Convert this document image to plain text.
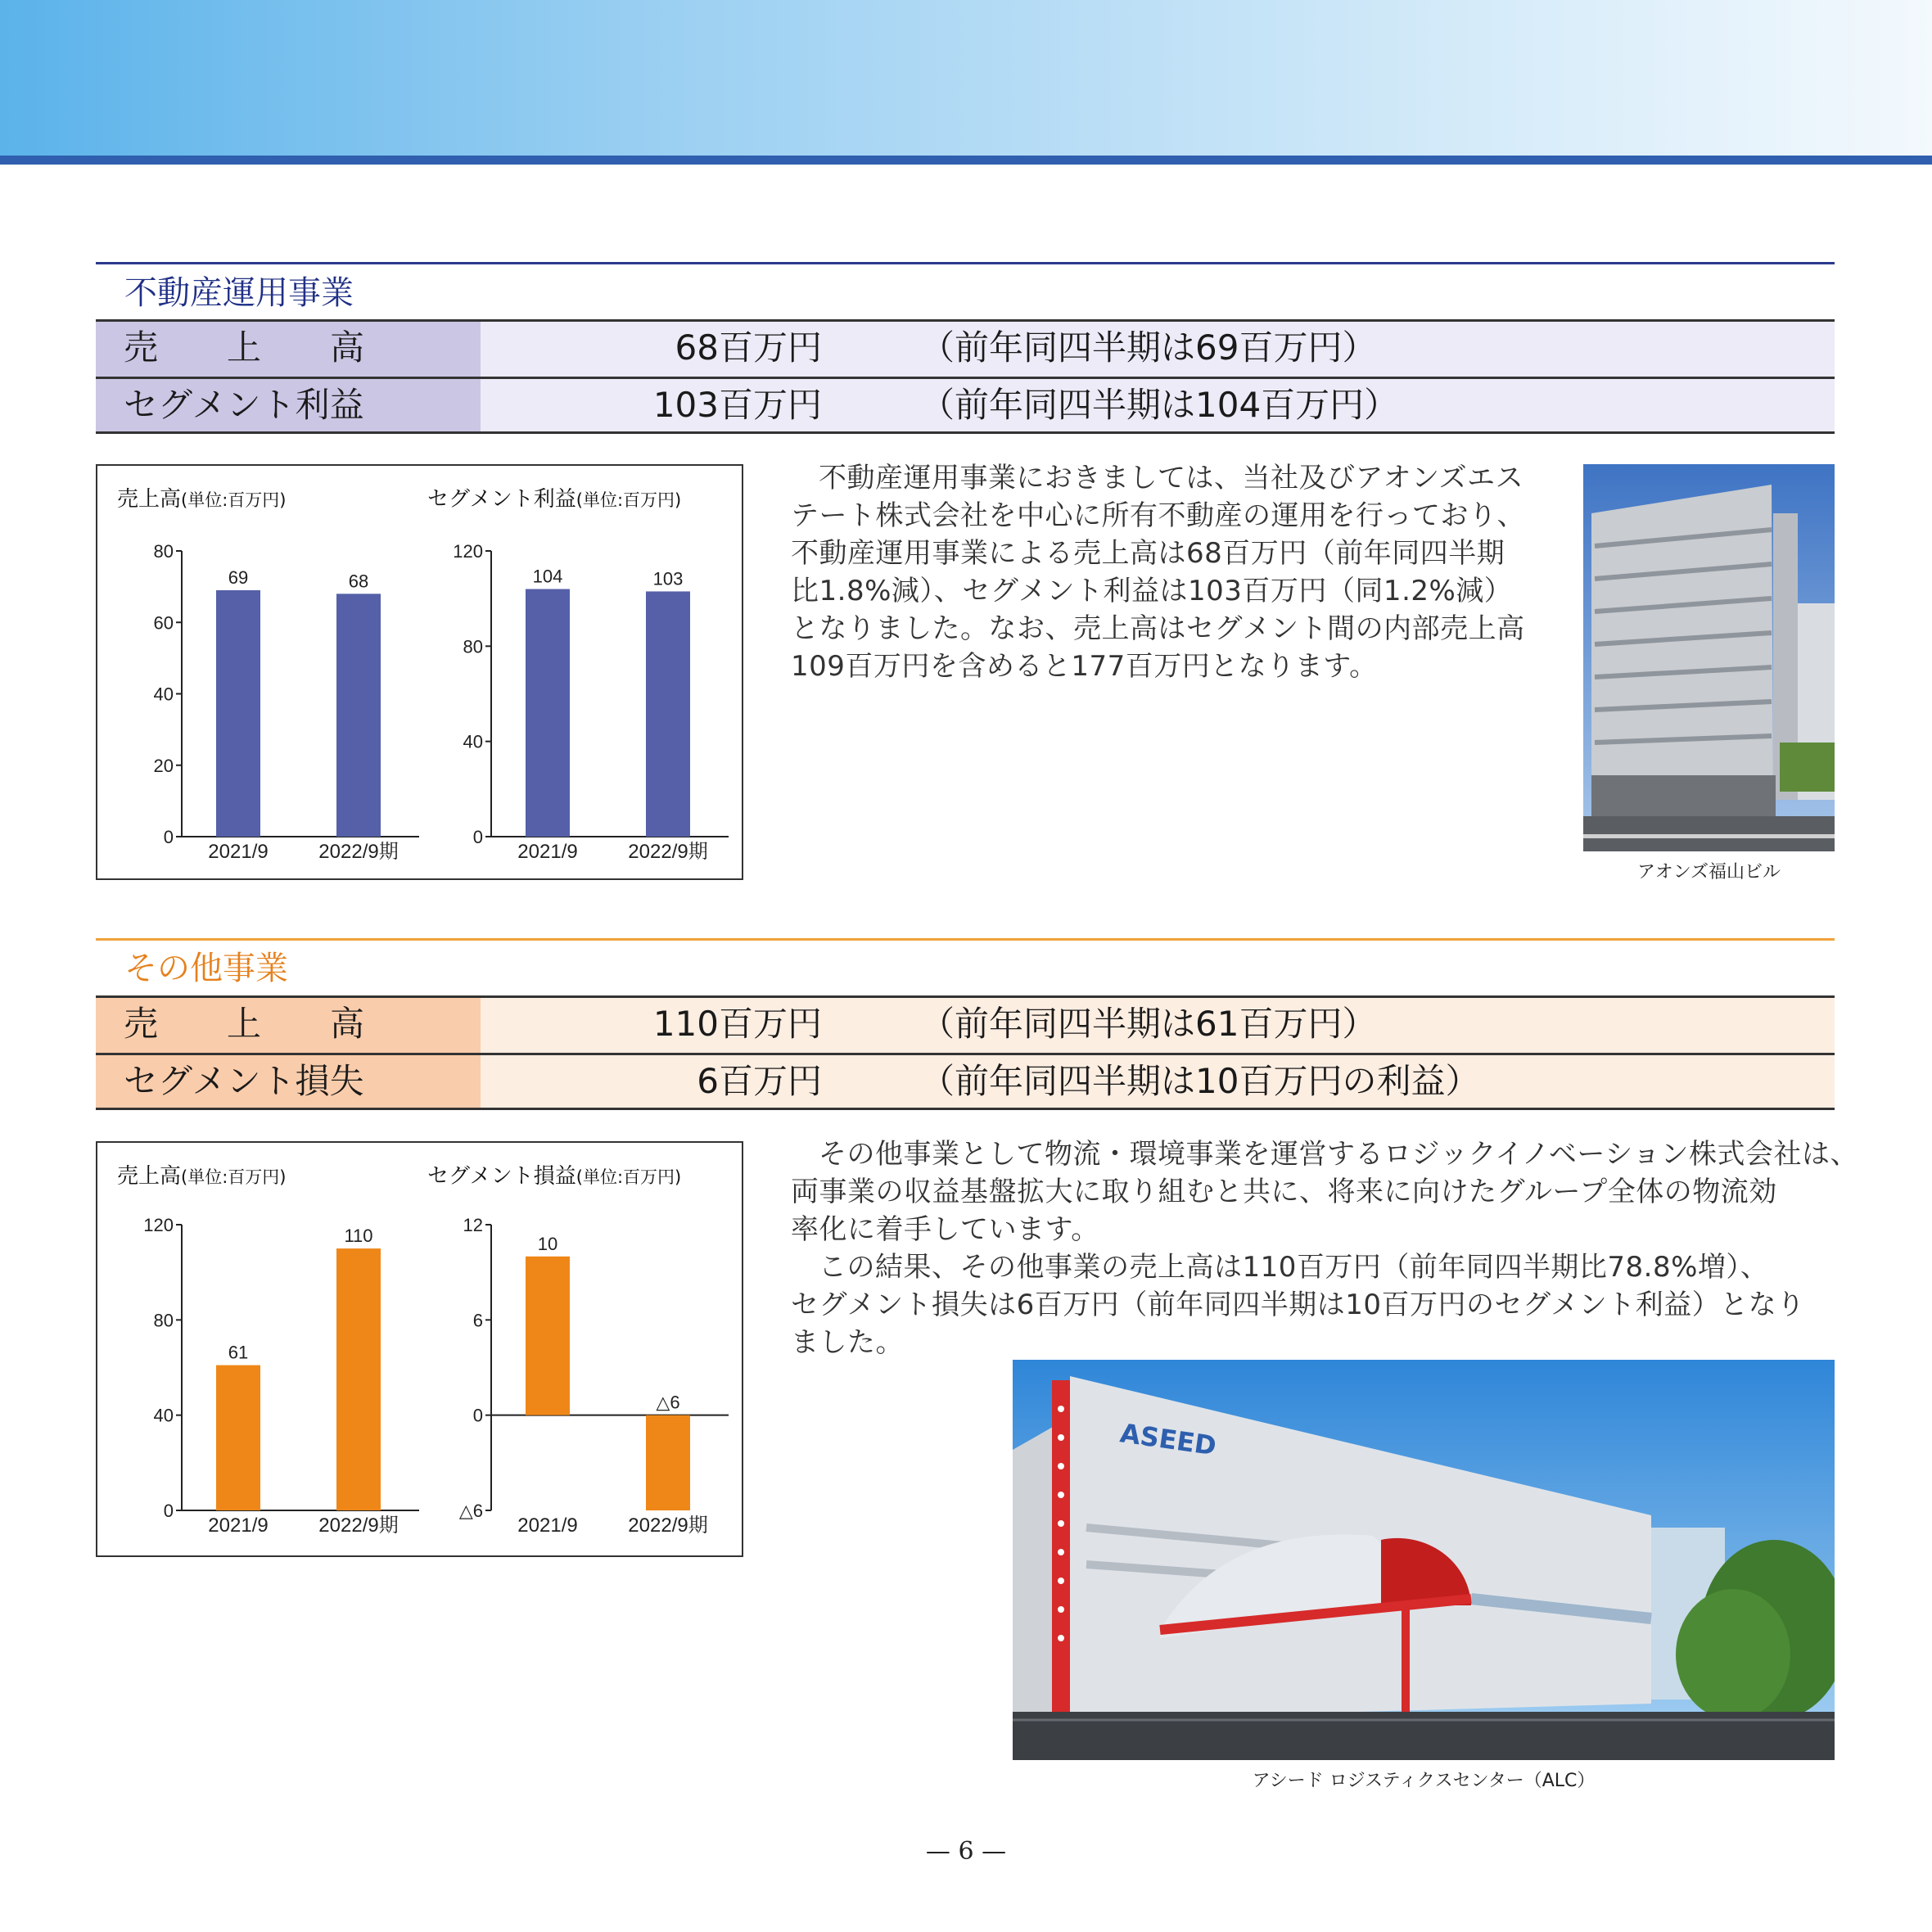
不動産運用事業
売　　上　　高	68百万円	（前年同四半期は69百万円）
セグメント利益	103百万円	（前年同四半期は104百万円）
売上高(単位:百万円)	セグメント利益(単位:百万円)
0
20
40
60
80
69
2021/9
68
2022/9期
0
40
80
120
104
2021/9
103
2022/9期

不動産運用事業におきましては、当社及びアオンズエス
テート株式会社を中心に所有不動産の運用を行っており、
不動産運用事業による売上高は68百万円（前年同四半期
比1.8%減）、セグメント利益は103百万円（同1.2%減）
となりました。なお、売上高はセグメント間の内部売上高
109百万円を含めると177百万円となります。

アオンズ福山ビル
その他事業
売　　上　　高	110百万円	（前年同四半期は61百万円）
セグメント損失	6百万円	（前年同四半期は10百万円の利益）
売上高(単位:百万円)	セグメント損益(単位:百万円)
0
40
80
120
61
2021/9
110
2022/9期
△6
0
6
12
10
2021/9
△6
2022/9期

その他事業として物流・環境事業を運営するロジックイノベーション株式会社は、
両事業の収益基盤拡大に取り組むと共に、将来に向けたグループ全体の物流効
率化に着手しています。

この結果、その他事業の売上高は110百万円（前年同四半期比78.8%増）、
セグメント損失は6百万円（前年同四半期は10百万円のセグメント利益）となり
ました。

ASEED
アシード ロジスティクスセンター（ALC）
— 6 —
